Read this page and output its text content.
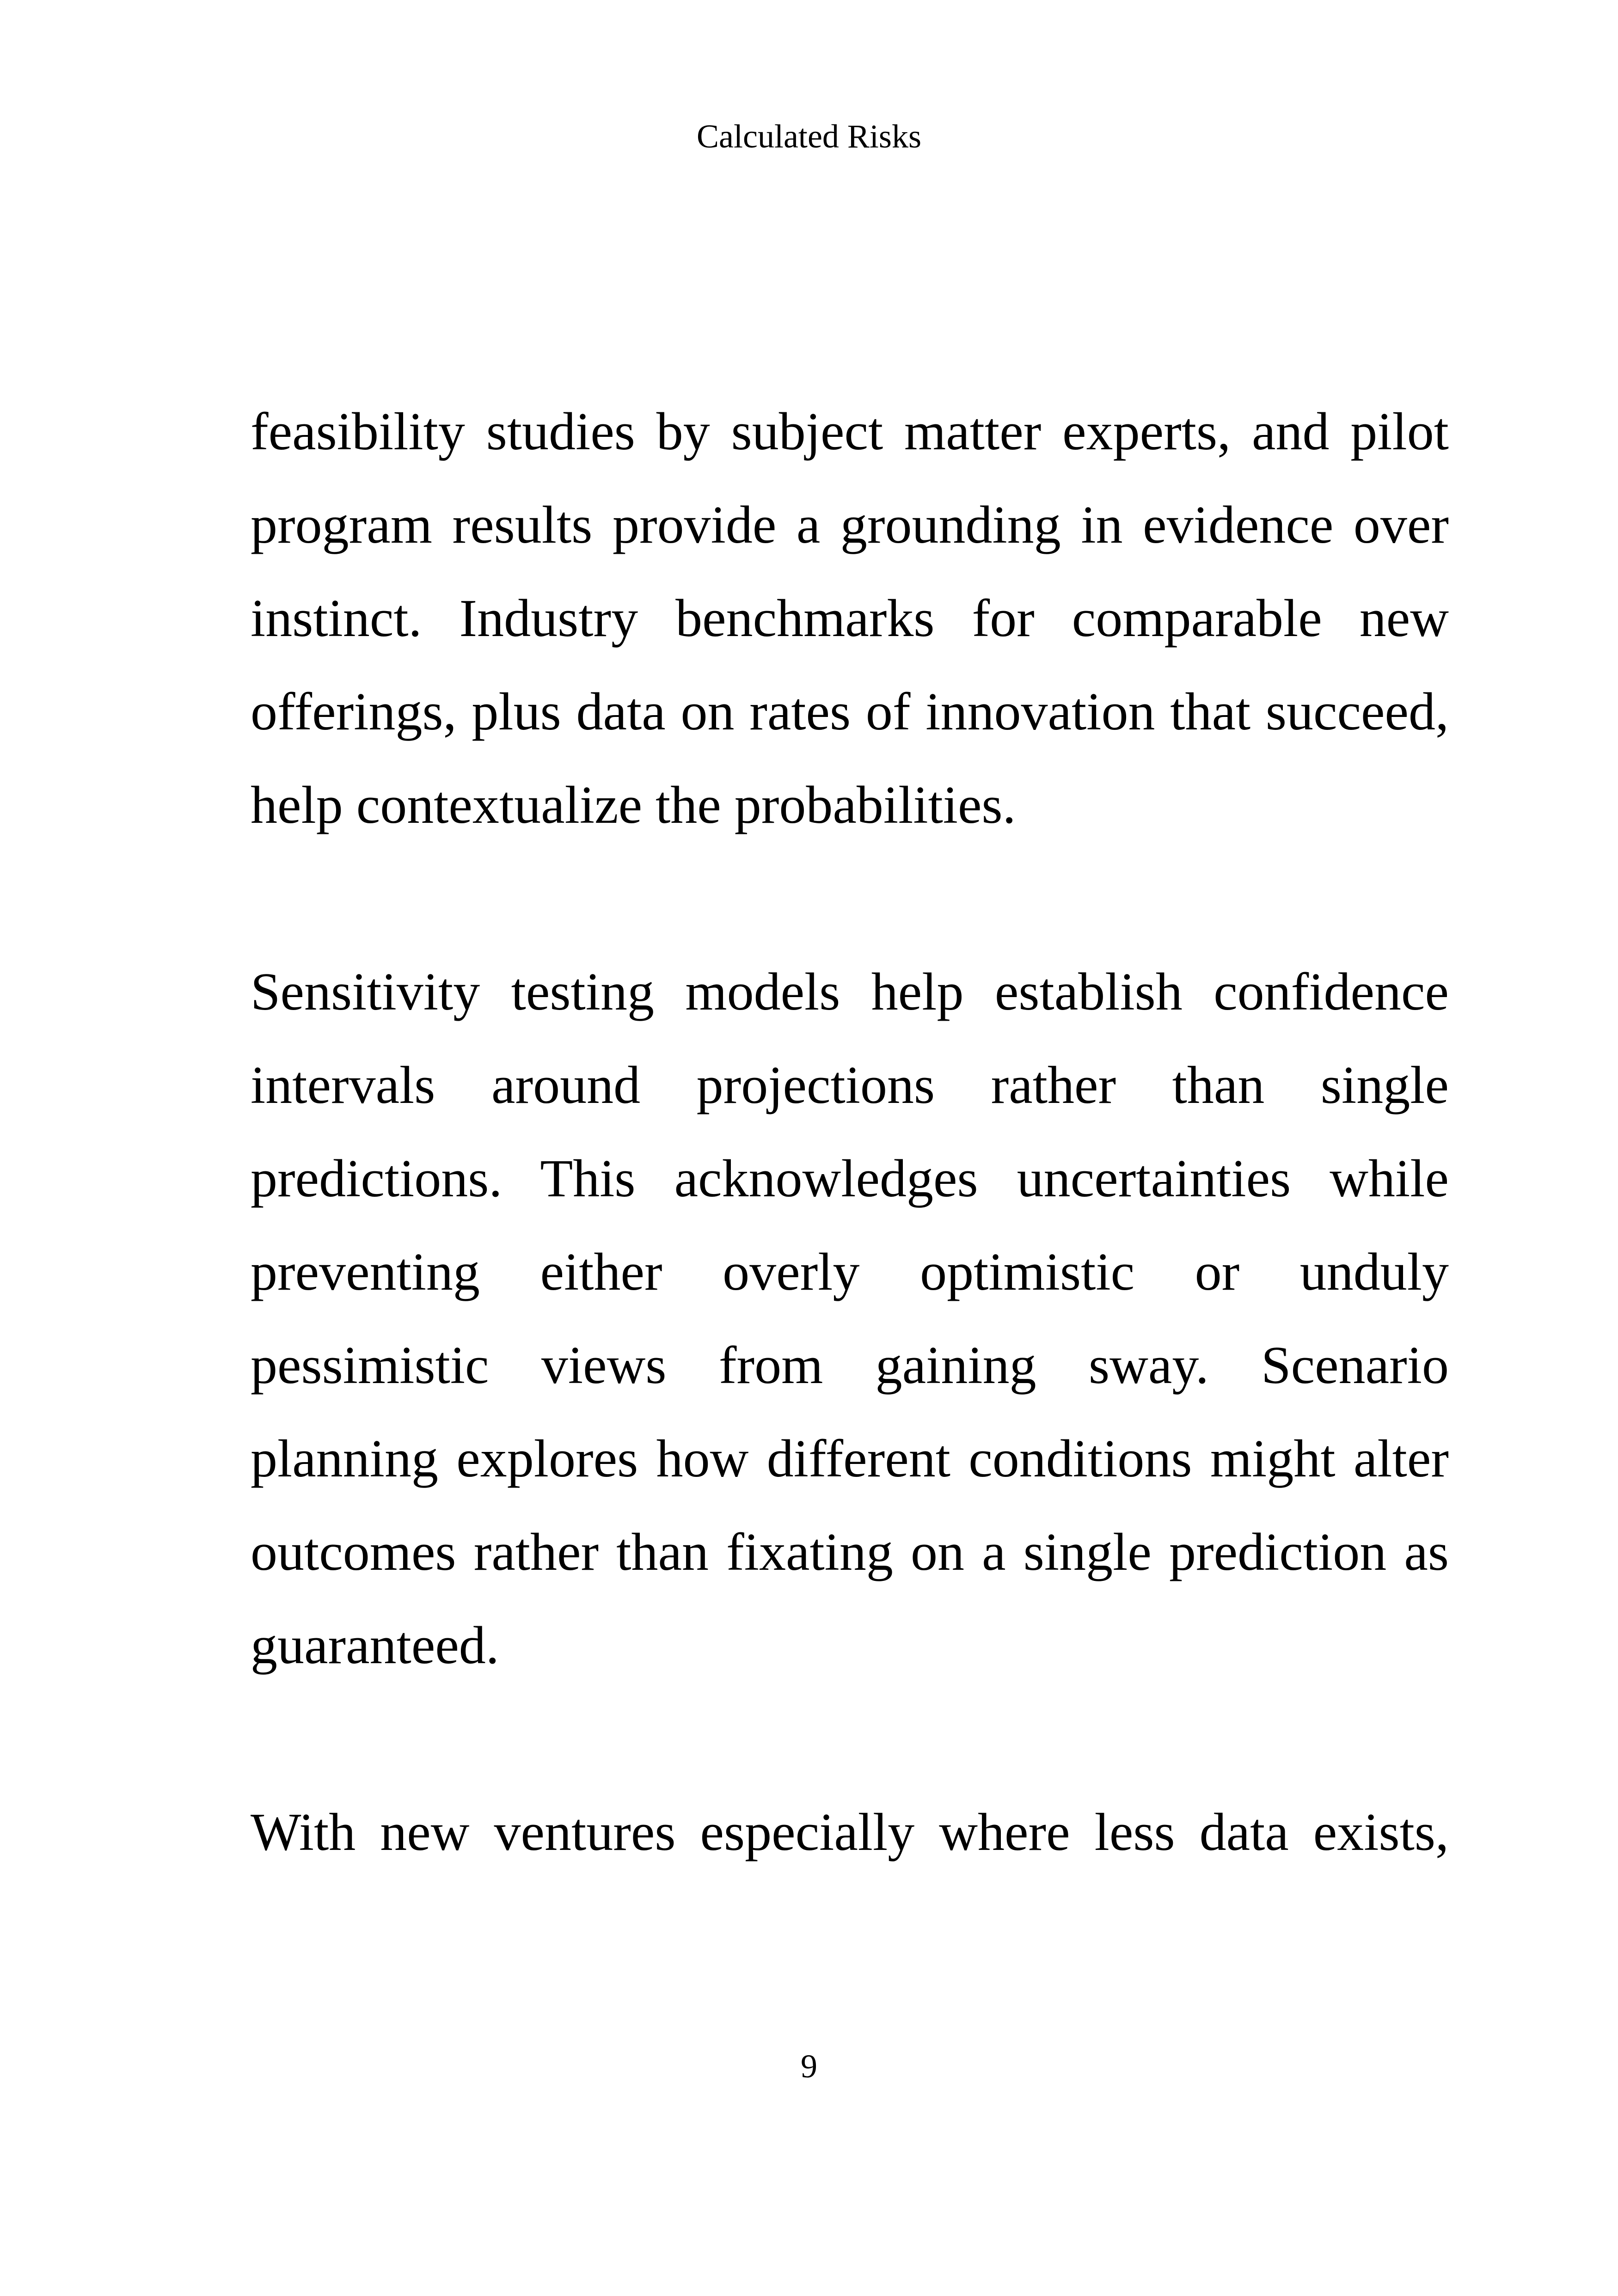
Calculated Risks

feasibility studies by subject matter experts, and pilot program results provide a grounding in evidence over instinct. Industry benchmarks for comparable new offerings, plus data on rates of innovation that succeed, help contextualize the probabilities.

Sensitivity testing models help establish confidence intervals around projections rather than single predictions. This acknowledges uncertainties while preventing either overly optimistic or unduly pessimistic views from gaining sway. Scenario planning explores how different conditions might alter outcomes rather than fixating on a single prediction as guaranteed.

With new ventures especially where less data exists,

9
